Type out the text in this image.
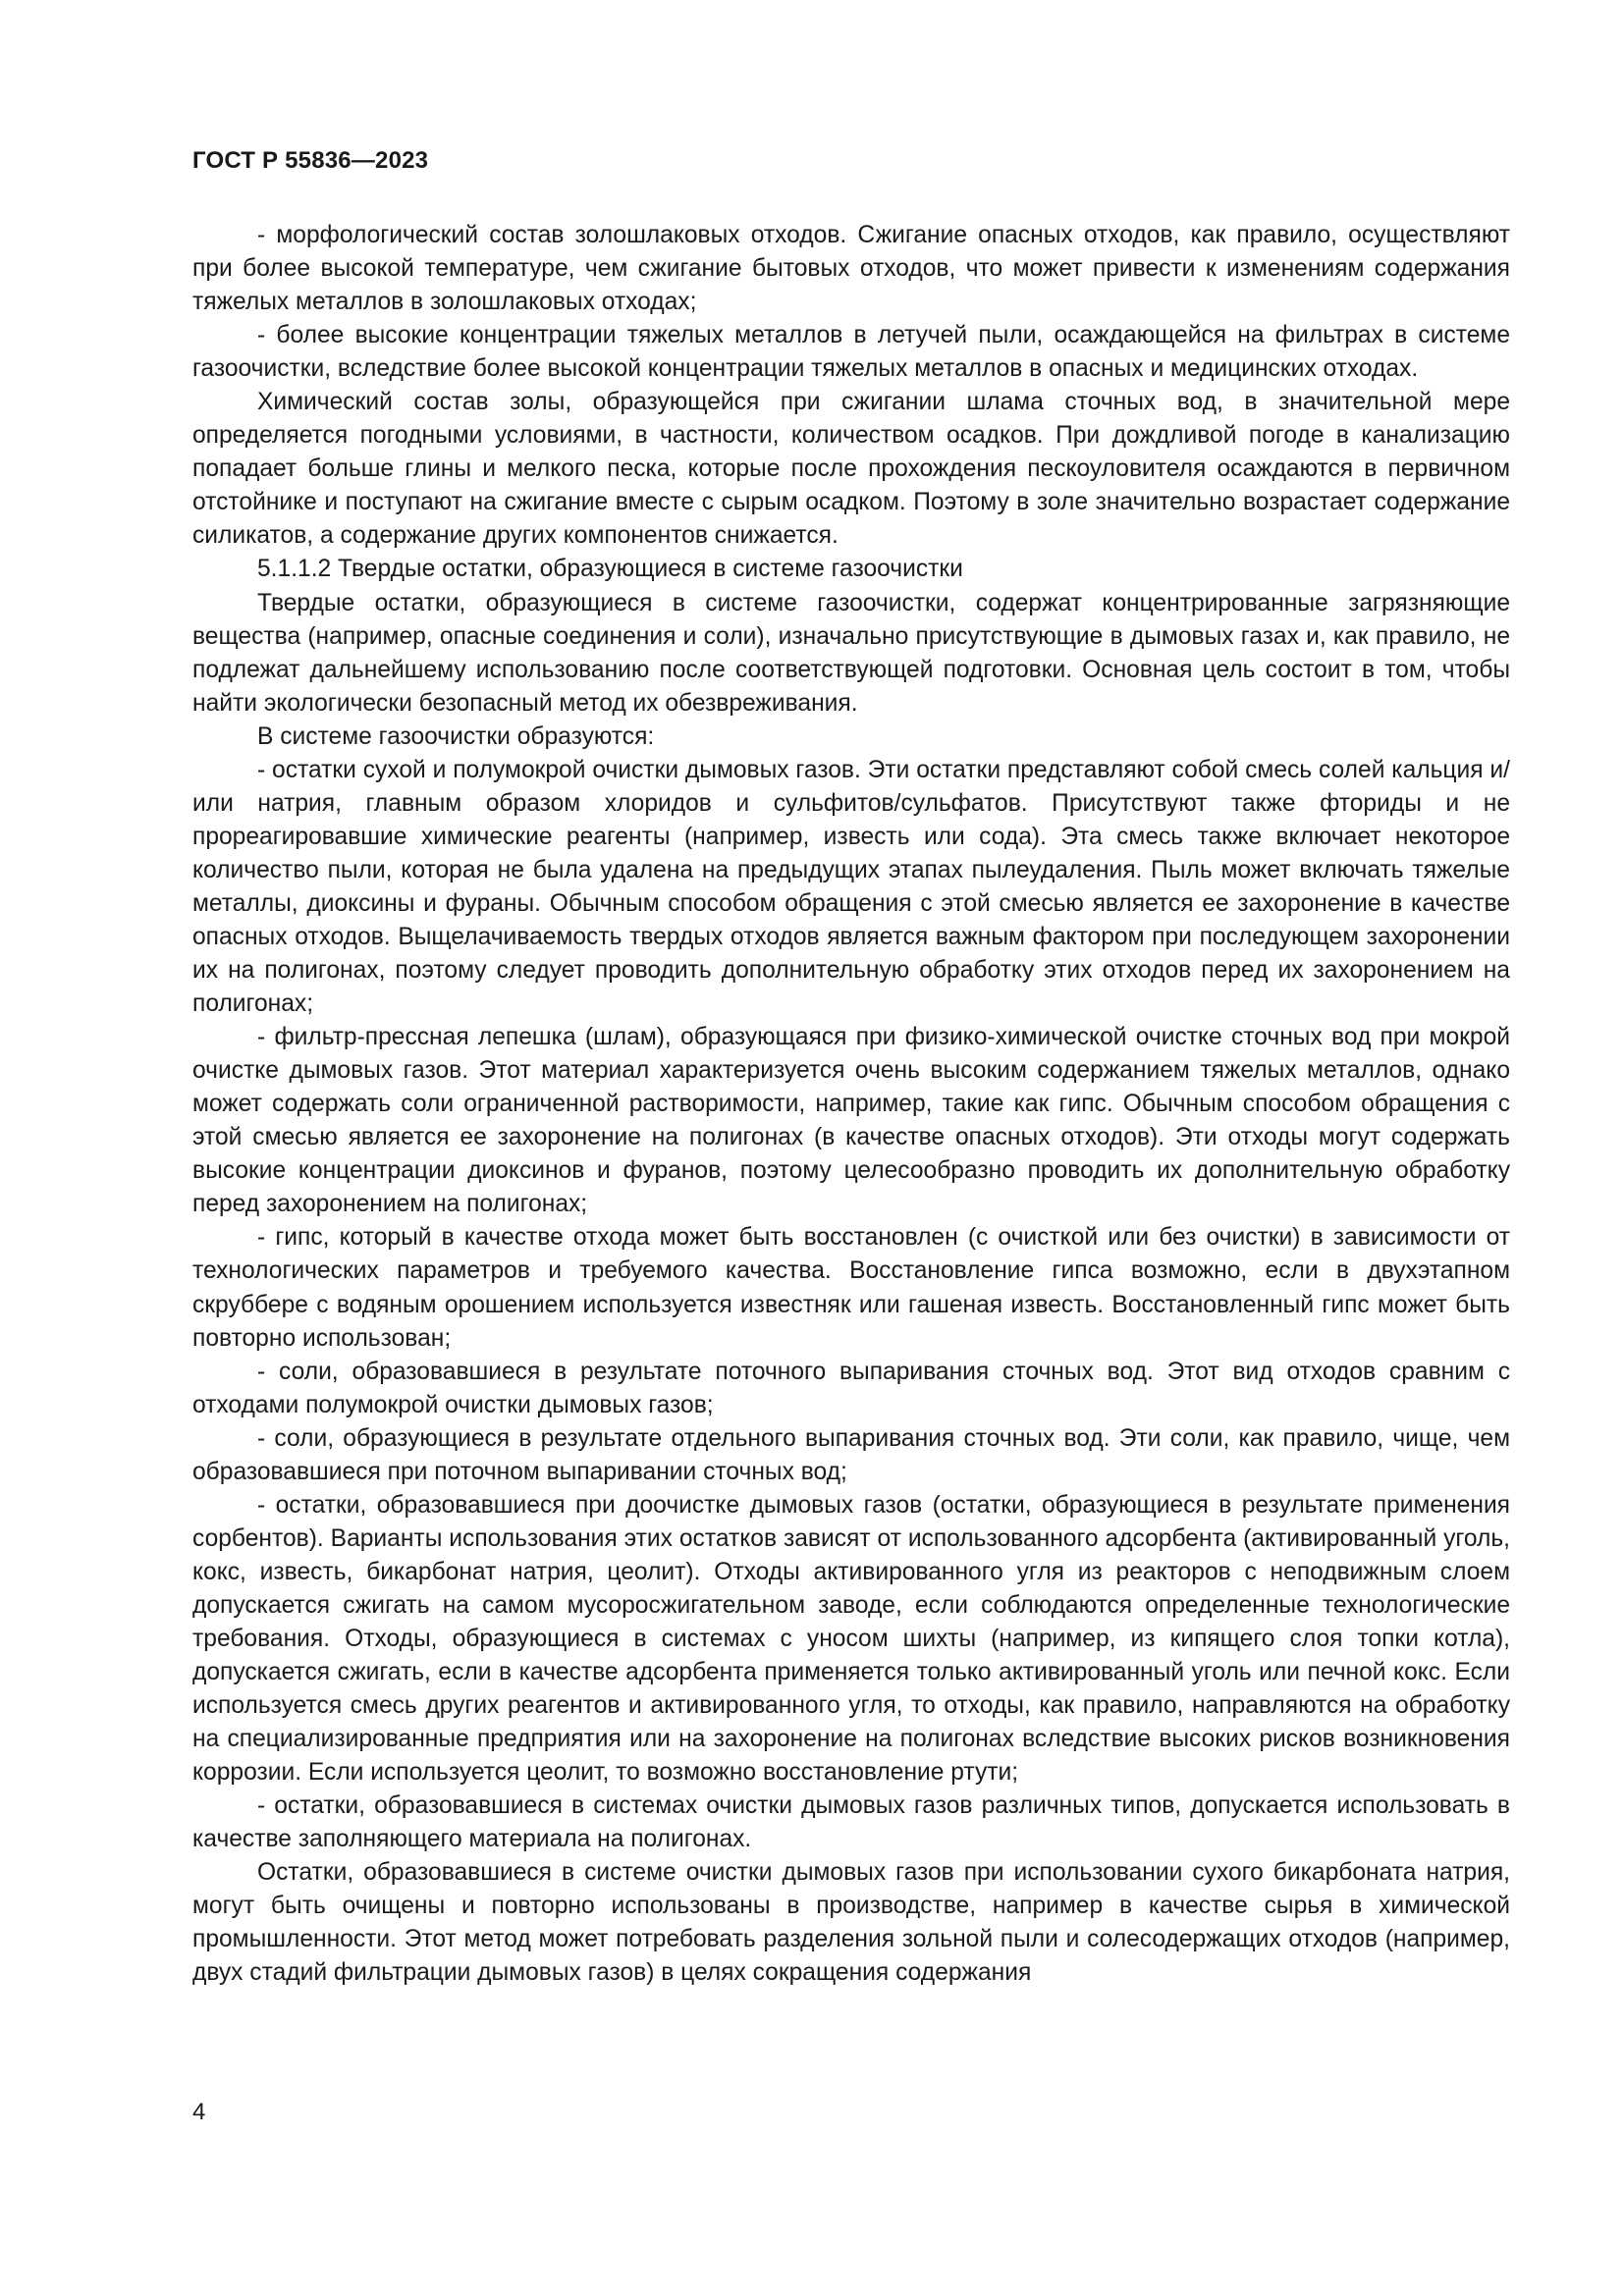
ГОСТ Р 55836—2023

- морфологический состав золошлаковых отходов. Сжигание опасных отходов, как правило, осуществляют при более высокой температуре, чем сжигание бытовых отходов, что может привести к изменениям содержания тяжелых металлов в золошлаковых отходах;

- более высокие концентрации тяжелых металлов в летучей пыли, осаждающейся на фильтрах в системе газоочистки, вследствие более высокой концентрации тяжелых металлов в опасных и медицинских отходах.

Химический состав золы, образующейся при сжигании шлама сточных вод, в значительной мере определяется погодными условиями, в частности, количеством осадков. При дождливой погоде в канализацию попадает больше глины и мелкого песка, которые после прохождения пескоуловителя осаждаются в первичном отстойнике и поступают на сжигание вместе с сырым осадком. Поэтому в золе значительно возрастает содержание силикатов, а содержание других компонентов снижается.

5.1.1.2 Твердые остатки, образующиеся в системе газоочистки

Твердые остатки, образующиеся в системе газоочистки, содержат концентрированные загрязняющие вещества (например, опасные соединения и соли), изначально присутствующие в дымовых газах и, как правило, не подлежат дальнейшему использованию после соответствующей подготовки. Основная цель состоит в том, чтобы найти экологически безопасный метод их обезвреживания.

В системе газоочистки образуются:

- остатки сухой и полумокрой очистки дымовых газов. Эти остатки представляют собой смесь солей кальция и/или натрия, главным образом хлоридов и сульфитов/сульфатов. Присутствуют также фториды и не прореагировавшие химические реагенты (например, известь или сода). Эта смесь также включает некоторое количество пыли, которая не была удалена на предыдущих этапах пылеудаления. Пыль может включать тяжелые металлы, диоксины и фураны. Обычным способом обращения с этой смесью является ее захоронение в качестве опасных отходов. Выщелачиваемость твердых отходов является важным фактором при последующем захоронении их на полигонах, поэтому следует проводить дополнительную обработку этих отходов перед их захоронением на полигонах;

- фильтр-прессная лепешка (шлам), образующаяся при физико-химической очистке сточных вод при мокрой очистке дымовых газов. Этот материал характеризуется очень высоким содержанием тяжелых металлов, однако может содержать соли ограниченной растворимости, например, такие как гипс. Обычным способом обращения с этой смесью является ее захоронение на полигонах (в качестве опасных отходов). Эти отходы могут содержать высокие концентрации диоксинов и фуранов, поэтому целесообразно проводить их дополнительную обработку перед захоронением на полигонах;

- гипс, который в качестве отхода может быть восстановлен (с очисткой или без очистки) в зависимости от технологических параметров и требуемого качества. Восстановление гипса возможно, если в двухэтапном скруббере с водяным орошением используется известняк или гашеная известь. Восстановленный гипс может быть повторно использован;

- соли, образовавшиеся в результате поточного выпаривания сточных вод. Этот вид отходов сравним с отходами полумокрой очистки дымовых газов;

- соли, образующиеся в результате отдельного выпаривания сточных вод. Эти соли, как правило, чище, чем образовавшиеся при поточном выпаривании сточных вод;

- остатки, образовавшиеся при доочистке дымовых газов (остатки, образующиеся в результате применения сорбентов). Варианты использования этих остатков зависят от использованного адсорбента (активированный уголь, кокс, известь, бикарбонат натрия, цеолит). Отходы активированного угля из реакторов с неподвижным слоем допускается сжигать на самом мусоросжигательном заводе, если соблюдаются определенные технологические требования. Отходы, образующиеся в системах с уносом шихты (например, из кипящего слоя топки котла), допускается сжигать, если в качестве адсорбента применяется только активированный уголь или печной кокс. Если используется смесь других реагентов и активированного угля, то отходы, как правило, направляются на обработку на специализированные предприятия или на захоронение на полигонах вследствие высоких рисков возникновения коррозии. Если используется цеолит, то возможно восстановление ртути;

- остатки, образовавшиеся в системах очистки дымовых газов различных типов, допускается использовать в качестве заполняющего материала на полигонах.

Остатки, образовавшиеся в системе очистки дымовых газов при использовании сухого бикарбоната натрия, могут быть очищены и повторно использованы в производстве, например в качестве сырья в химической промышленности. Этот метод может потребовать разделения зольной пыли и солесодержащих отходов (например, двух стадий фильтрации дымовых газов) в целях сокращения содержания

4
